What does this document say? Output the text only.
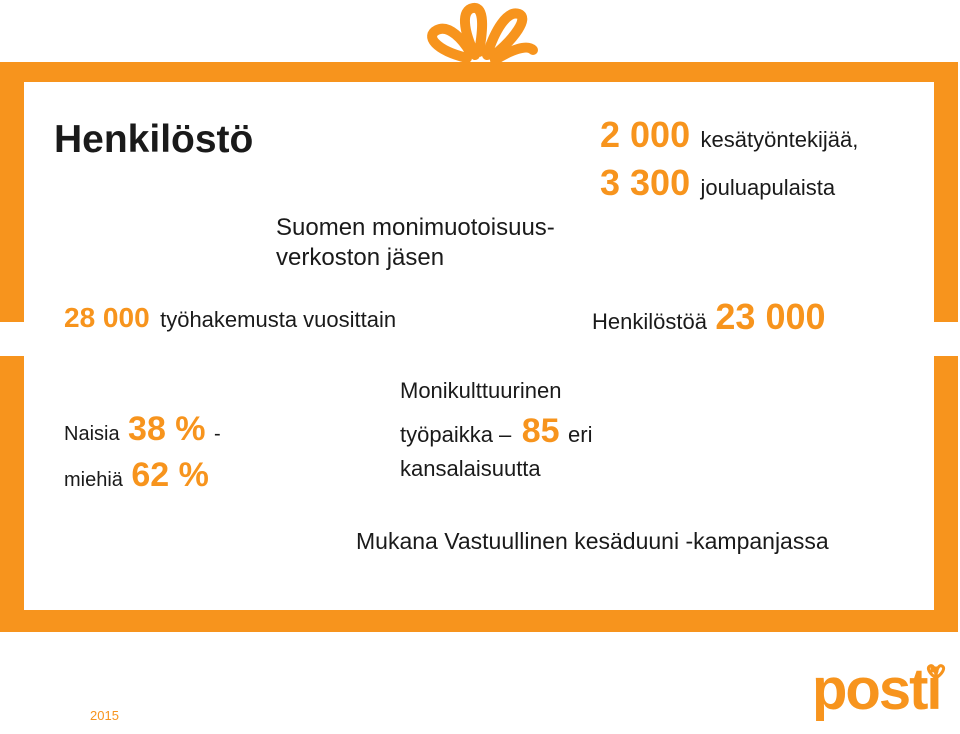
Henkilöstö
Suomen monimuotoisuus-
verkoston jäsen
2 000 kesätyöntekijää,
3 300 jouluapulaista
28 000 työhakemusta vuosittain	Henkilöstöä 23 000
Naisia 38 % -
miehiä 62 %
Monikulttuurinen
työpaikka – 85 eri
kansalaisuutta
Mukana Vastuullinen kesäduuni -kampanjassa
2015	posti
